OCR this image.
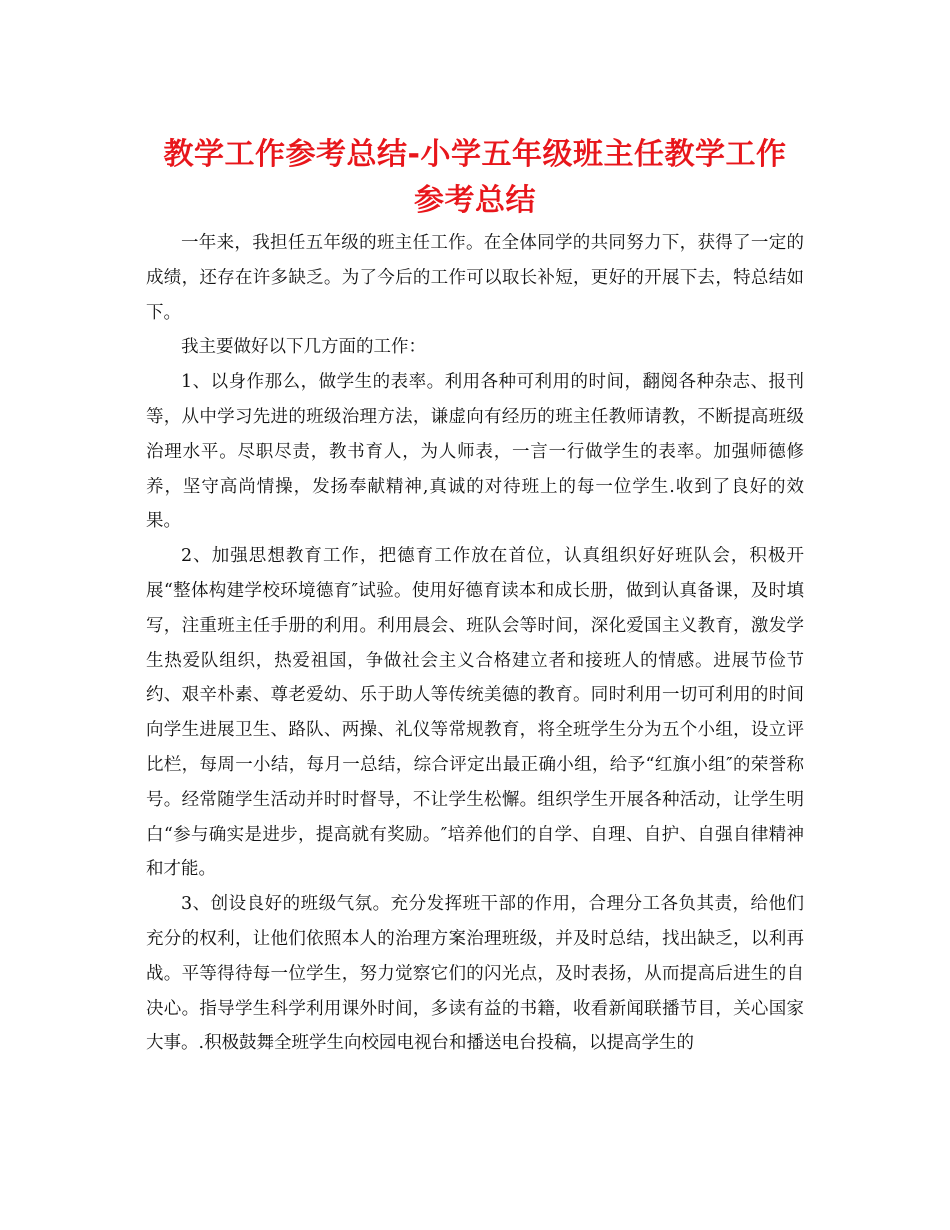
教学工作参考总结-小学五年级班主任教学工作参考总结

一年来，我担任五年级的班主任工作。在全体同学的共同努力下，获得了一定的成绩，还存在许多缺乏。为了今后的工作可以取长补短，更好的开展下去，特总结如下。

我主要做好以下几方面的工作：

1、以身作那么，做学生的表率。利用各种可利用的时间，翻阅各种杂志、报刊等，从中学习先进的班级治理方法，谦虚向有经历的班主任教师请教，不断提高班级治理水平。尽职尽责，教书育人，为人师表，一言一行做学生的表率。加强师德修养，坚守高尚情操，发扬奉献精神,真诚的对待班上的每一位学生.收到了良好的效果。

2、加强思想教育工作，把德育工作放在首位，认真组织好好班队会，积极开展“整体构建学校环境德育″试验。使用好德育读本和成长册，做到认真备课，及时填写，注重班主任手册的利用。利用晨会、班队会等时间，深化爱国主义教育，激发学生热爱队组织，热爱祖国，争做社会主义合格建立者和接班人的情感。进展节俭节约、艰辛朴素、尊老爱幼、乐于助人等传统美德的教育。同时利用一切可利用的时间向学生进展卫生、路队、两操、礼仪等常规教育，将全班学生分为五个小组，设立评比栏，每周一小结，每月一总结，综合评定出最正确小组，给予“红旗小组″的荣誉称号。经常随学生活动并时时督导，不让学生松懈。组织学生开展各种活动，让学生明白“参与确实是进步，提高就有奖励。″培养他们的自学、自理、自护、自强自律精神和才能。

3、创设良好的班级气氛。充分发挥班干部的作用，合理分工各负其责，给他们充分的权利，让他们依照本人的治理方案治理班级，并及时总结，找出缺乏，以利再战。平等得待每一位学生，努力觉察它们的闪光点，及时表扬，从而提高后进生的自决心。指导学生科学利用课外时间，多读有益的书籍，收看新闻联播节目，关心国家大事。.积极鼓舞全班学生向校园电视台和播送电台投稿，以提高学生的
